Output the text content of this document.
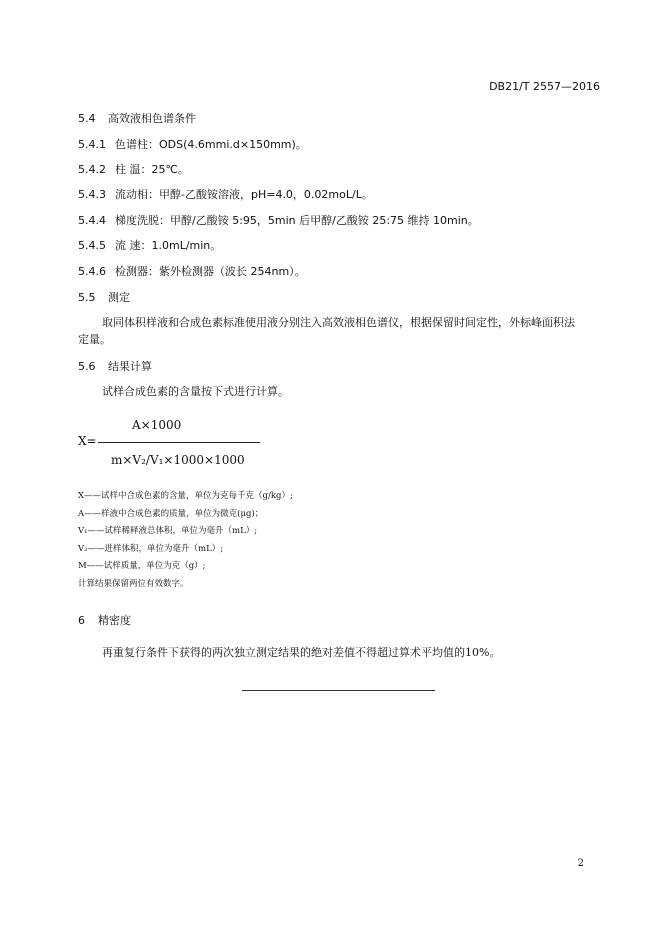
DB21/T 2557—2016
5.4 高效液相色谱条件
5.4.1 色谱柱：ODS(4.6mmi.d×150mm)。
5.4.2 柱 温：25℃。
5.4.3 流动相：甲醇-乙酸铵溶液，pH=4.0，0.02moL/L。
5.4.4 梯度洗脱：甲醇/乙酸铵 5:95，5min 后甲醇/乙酸铵 25:75 维持 10min。
5.4.5 流 速：1.0mL/min。
5.4.6 检测器：紫外检测器（波长 254nm）。
5.5 测定
取同体积样液和合成色素标准使用液分别注入高效液相色谱仪，根据保留时间定性，外标峰面积法
定量。
5.6 结果计算
试样合成色素的含量按下式进行计算。
A×1000
X=
m×V₂/V₁×1000×1000
X——试样中合成色素的含量，单位为克每千克（g/kg）;
A——样液中合成色素的质量，单位为微克(μg)；
V₁——试样稀释液总体积，单位为毫升（mL）;
V₂——进样体积，单位为毫升（mL）;
M——试样质量，单位为克（g）;
计算结果保留两位有效数字。
6 精密度
再重复行条件下获得的两次独立测定结果的绝对差值不得超过算术平均值的10%。
2
